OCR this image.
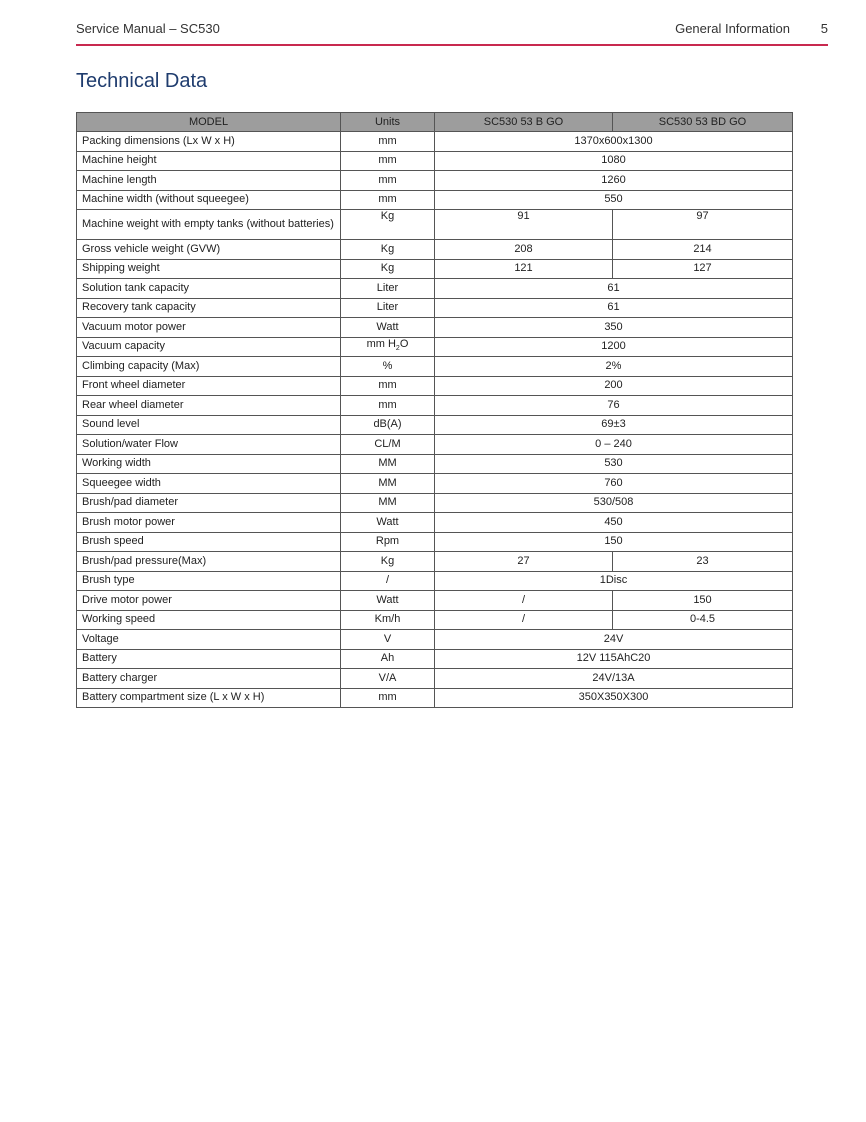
Service Manual – SC530	General Information 5
Technical Data
MODEL	Units	SC530 53 B GO	SC530 53 BD GO
Packing dimensions (Lx W x H)	mm	1370x600x1300	
Machine height	mm	1080	
Machine length	mm	1260	
Machine width (without squeegee)	mm	550	
Machine weight with empty tanks (without batteries)	Kg	91	97
Gross vehicle weight (GVW)	Kg	208	214
Shipping weight	Kg	121	127
Solution tank capacity	Liter	61	
Recovery tank capacity	Liter	61	
Vacuum motor power	Watt	350	
Vacuum capacity	mm $H_2O$	1200	
Climbing capacity (Max)	%	2%	
Front wheel diameter	mm	200	
Rear wheel diameter	mm	76	
Sound level	dB(A)	69±3	
Solution/water Flow	CL/M	0 – 240	
Working width	MM	530	
Squeegee width	MM	760	
Brush/pad diameter	MM	530/508	
Brush motor power	Watt	450	
Brush speed	Rpm	150	
Brush/pad pressure(Max)	Kg	27	23
Brush type	/	1Disc	
Drive motor power	Watt	/	150
Working speed	Km/h	/	0-4.5
Voltage	V	24V	
Battery	Ah	12V 115AhC20	
Battery charger	V/A	24V/13A	
Battery compartment size (L x W x H)	mm	350X350X300	
